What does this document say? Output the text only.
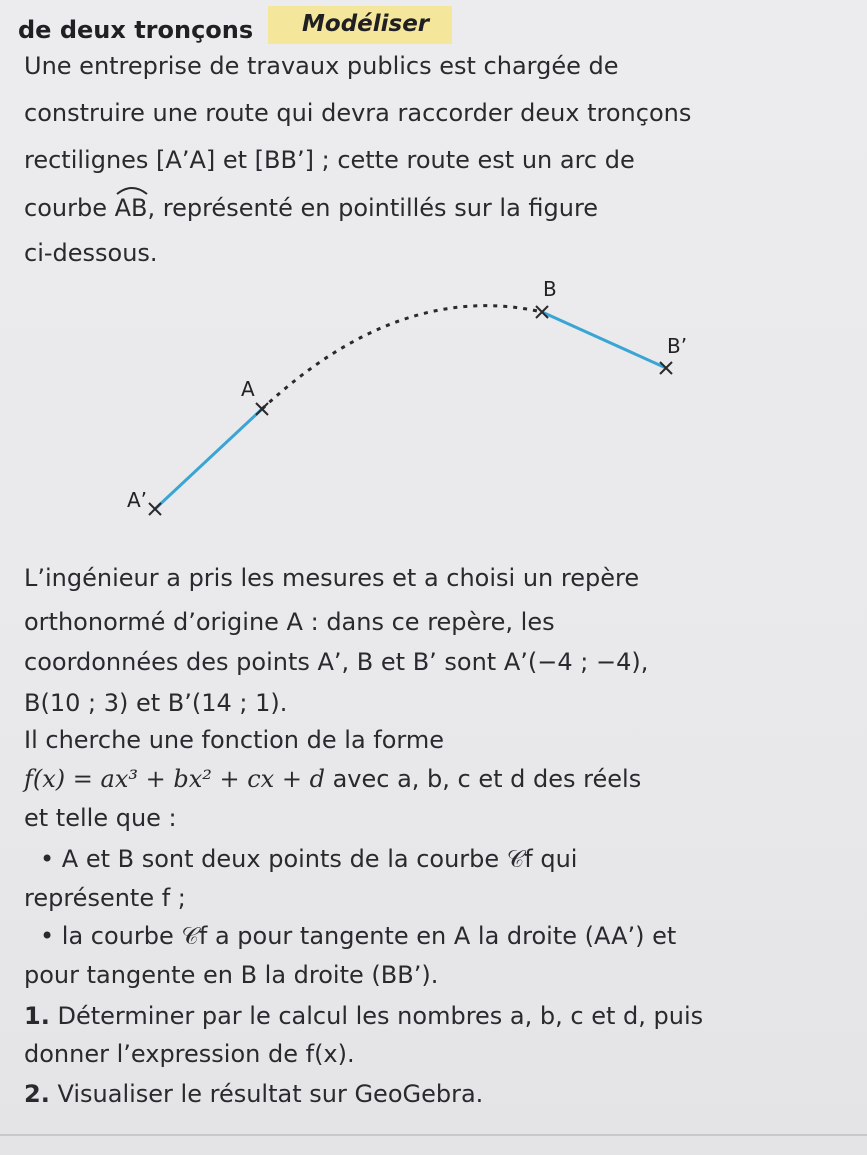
de deux tronçons Modéliser
Une entreprise de travaux publics est chargée de
construire une route qui devra raccorder deux tronçons
rectilignes [A’A] et [BB’] ; cette route est un arc de
courbe
AB, représenté en pointillés sur la figure
ci-dessous.
A’
A
B
B’
L’ingénieur a pris les mesures et a choisi un repère
orthonormé d’origine A : dans ce repère, les
coordonnées des points A’, B et B’ sont A’(−4 ; −4),
B(10 ; 3) et B’(14 ; 1).
Il cherche une fonction de la forme
f(x) = ax³ + bx² + cx + d avec a, b, c et d des réels
et telle que :
• A et B sont deux points de la courbe 𝒞f qui
représente f ;
• la courbe 𝒞f a pour tangente en A la droite (AA’) et
pour tangente en B la droite (BB’).
1. Déterminer par le calcul les nombres a, b, c et d, puis
donner l’expression de f(x).
2. Visualiser le résultat sur GeoGebra.
